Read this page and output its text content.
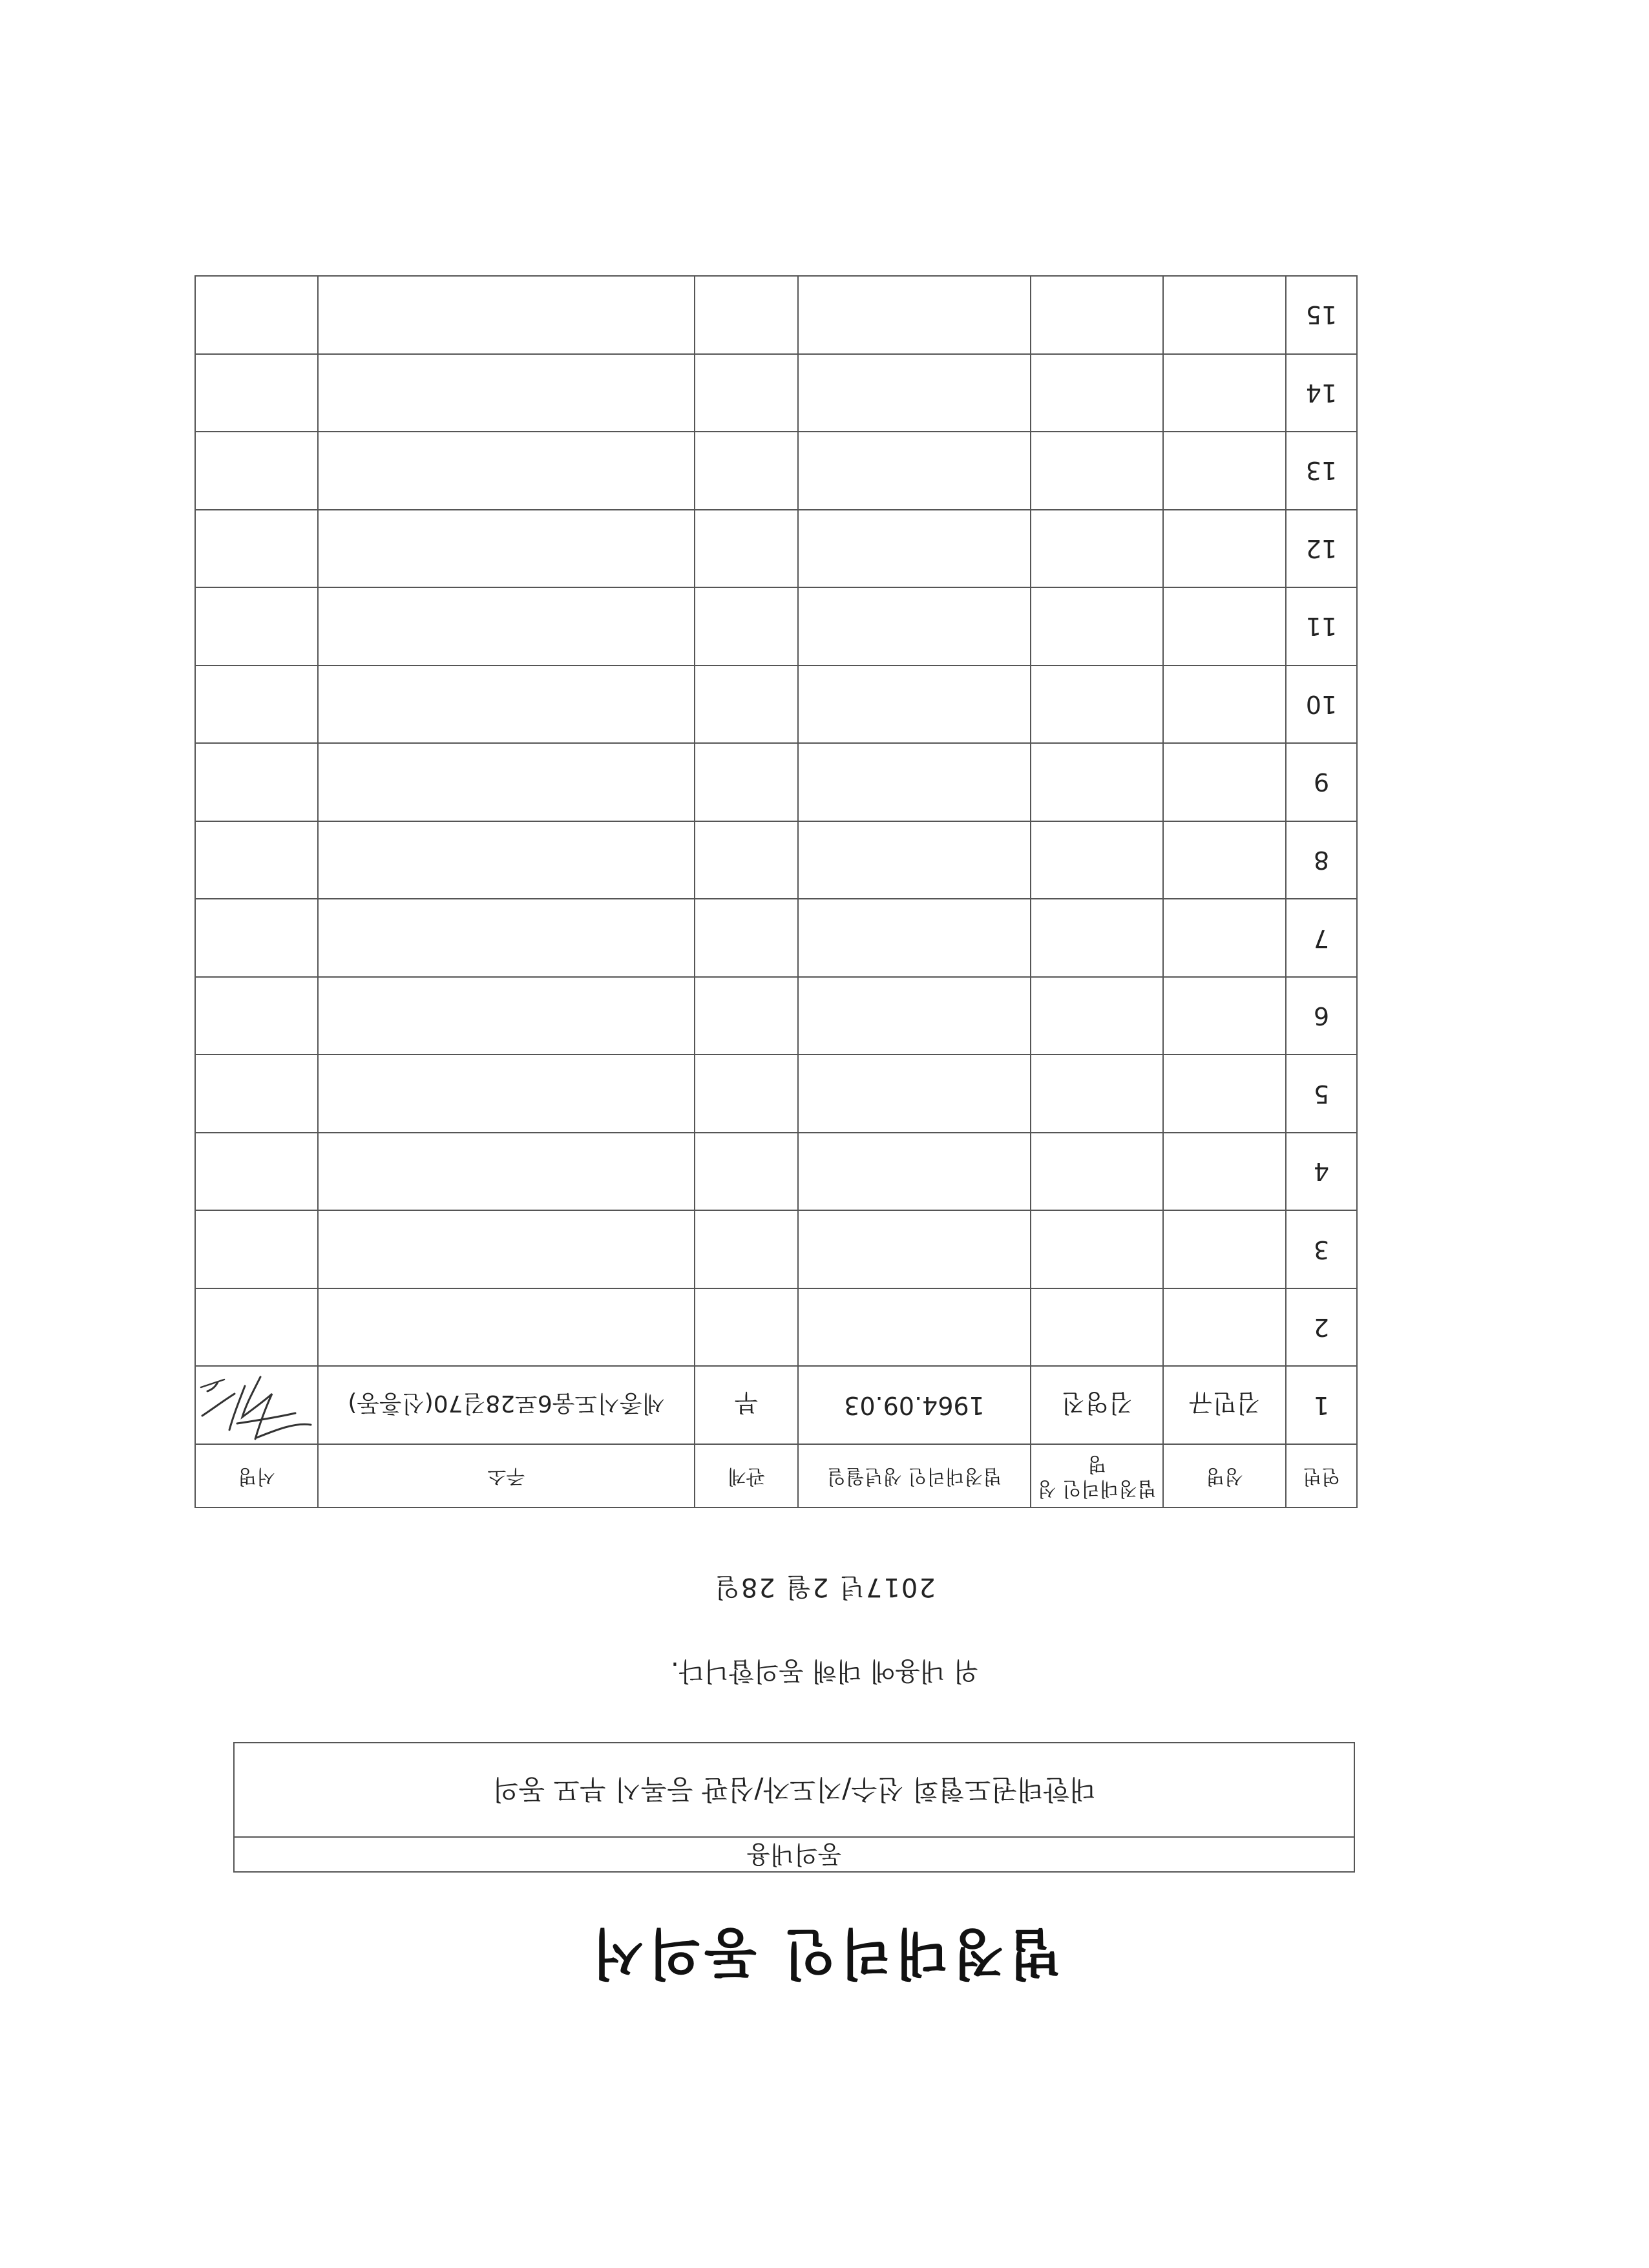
법정대리인 동의서
동의내용
대한태권도협회 선수/지도자/심판 등록시 부모 동의
위 내용에 대해 동의합니다.
2017년 2월 28일
연번	성명	법정대리인 성명	법정대리인 생년월일	관계	주소	서명
1	김민규	김영진	1964.09.03	부	세종시도움6로28길70(신흥동)	

2						
3						
4						
5						
6						
7						
8						
9						
10						
11						
12						
13						
14						
15						
